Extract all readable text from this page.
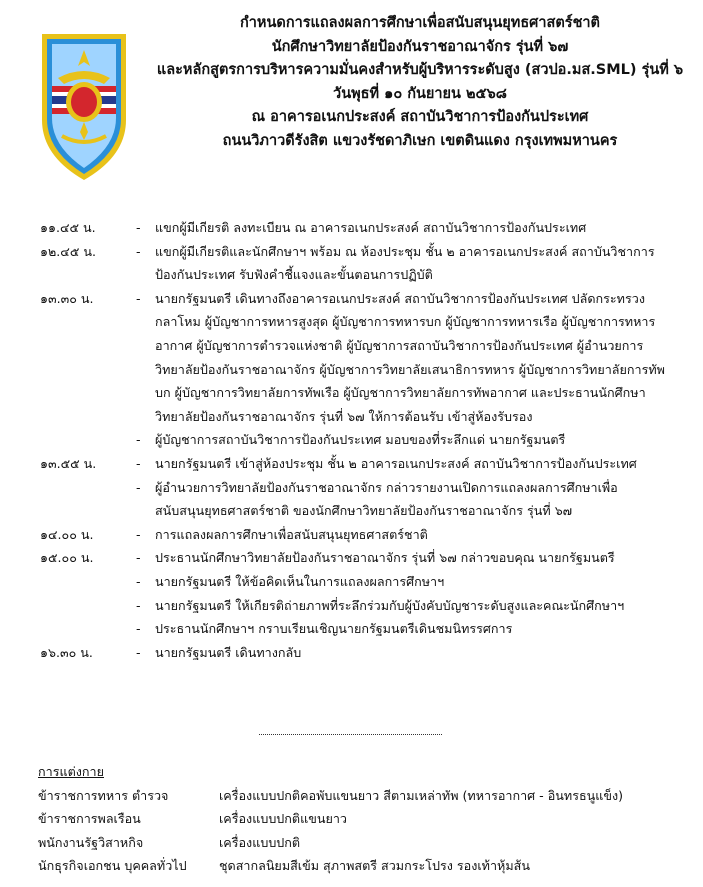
กำหนดการแถลงผลการศึกษาเพื่อสนับสนุนยุทธศาสตร์ชาติ
นักศึกษาวิทยาลัยป้องกันราชอาณาจักร รุ่นที่ ๖๗
และหลักสูตรการบริหารความมั่นคงสำหรับผู้บริหารระดับสูง (สวปอ.มส.SML) รุ่นที่ ๖
วันพุธที่ ๑๐ กันยายน ๒๕๖๘
ณ อาคารอเนกประสงค์ สถาบันวิชาการป้องกันประเทศ
ถนนวิภาวดีรังสิต แขวงรัชดาภิเษก เขตดินแดง กรุงเทพมหานคร
๑๑.๔๕ น.	- แขกผู้มีเกียรติ ลงทะเบียน ณ อาคารอเนกประสงค์ สถาบันวิชาการป้องกันประเทศ
๑๒.๔๕ น.	- แขกผู้มีเกียรติและนักศึกษาฯ พร้อม ณ ห้องประชุม ชั้น ๒ อาคารอเนกประสงค์ สถาบันวิชาการป้องกันประเทศ รับฟังคำชี้แจงและขั้นตอนการปฏิบัติ
๑๓.๓๐ น.	- นายกรัฐมนตรี เดินทางถึงอาคารอเนกประสงค์ สถาบันวิชาการป้องกันประเทศ ปลัดกระทรวงกลาโหม ผู้บัญชาการทหารสูงสุด ผู้บัญชาการทหารบก ผู้บัญชาการทหารเรือ ผู้บัญชาการทหารอากาศ ผู้บัญชาการตำรวจแห่งชาติ ผู้บัญชาการสถาบันวิชาการป้องกันประเทศ ผู้อำนวยการวิทยาลัยป้องกันราชอาณาจักร ผู้บัญชาการวิทยาลัยเสนาธิการทหาร ผู้บัญชาการวิทยาลัยการทัพบก ผู้บัญชาการวิทยาลัยการทัพเรือ ผู้บัญชาการวิทยาลัยการทัพอากาศ และประธานนักศึกษาวิทยาลัยป้องกันราชอาณาจักร รุ่นที่ ๖๗ ให้การต้อนรับ เข้าสู่ห้องรับรอง
- ผู้บัญชาการสถาบันวิชาการป้องกันประเทศ มอบของที่ระลึกแด่ นายกรัฐมนตรี
๑๓.๕๕ น.	- นายกรัฐมนตรี เข้าสู่ห้องประชุม ชั้น ๒ อาคารอเนกประสงค์ สถาบันวิชาการป้องกันประเทศ
- ผู้อำนวยการวิทยาลัยป้องกันราชอาณาจักร กล่าวรายงานเปิดการแถลงผลการศึกษาเพื่อสนับสนุนยุทธศาสตร์ชาติ ของนักศึกษาวิทยาลัยป้องกันราชอาณาจักร รุ่นที่ ๖๗
๑๔.๐๐ น.	- การแถลงผลการศึกษาเพื่อสนับสนุนยุทธศาสตร์ชาติ
๑๕.๐๐ น.	- ประธานนักศึกษาวิทยาลัยป้องกันราชอาณาจักร รุ่นที่ ๖๗ กล่าวขอบคุณ นายกรัฐมนตรี
- นายกรัฐมนตรี ให้ข้อคิดเห็นในการแถลงผลการศึกษาฯ
- นายกรัฐมนตรี ให้เกียรติถ่ายภาพที่ระลึกร่วมกับผู้บังคับบัญชาระดับสูงและคณะนักศึกษาฯ
- ประธานนักศึกษาฯ กราบเรียนเชิญนายกรัฐมนตรีเดินชมนิทรรศการ
๑๖.๓๐ น.	- นายกรัฐมนตรี เดินทางกลับ
การแต่งกาย
ข้าราชการทหาร ตำรวจ	เครื่องแบบปกติคอพับแขนยาว สีตามเหล่าทัพ (ทหารอากาศ - อินทรธนูแข็ง)
ข้าราชการพลเรือน	เครื่องแบบปกติแขนยาว
พนักงานรัฐวิสาหกิจ	เครื่องแบบปกติ
นักธุรกิจเอกชน บุคคลทั่วไป	ชุดสากลนิยมสีเข้ม สุภาพสตรี สวมกระโปรง รองเท้าหุ้มส้น
